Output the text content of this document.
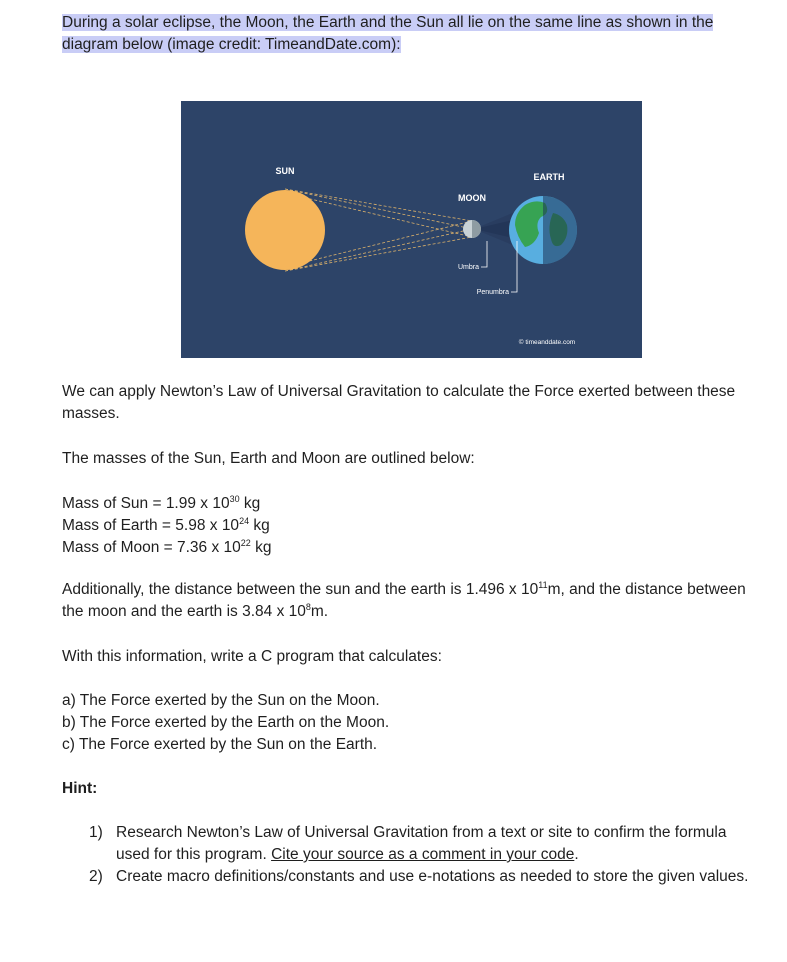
During a solar eclipse, the Moon, the Earth and the Sun all lie on the same line as shown in the
diagram below (image credit: TimeandDate.com):

SUN
MOON
EARTH
Umbra
Penumbra
© timeanddate.com

We can apply Newton’s Law of Universal Gravitation to calculate the Force exerted between these masses.

The masses of the Sun, Earth and Moon are outlined below:

Mass of Sun = 1.99 x $10^{30}$ kg
Mass of Earth = 5.98 x $10^{24}$ kg
Mass of Moon = 7.36 x $10^{22}$ kg

Additionally, the distance between the sun and the earth is 1.496 x $10^{11}m$, and the distance between the moon and the earth is 3.84 x $10^8m$.

With this information, write a C program that calculates:

a) The Force exerted by the Sun on the Moon.
b) The Force exerted by the Earth on the Moon.
c) The Force exerted by the Sun on the Earth.

Hint:

1) Research Newton’s Law of Universal Gravitation from a text or site to confirm the formula used for this program. Cite your source as a comment in your code.
2) Create macro definitions/constants and use e-notations as needed to store the given values.
